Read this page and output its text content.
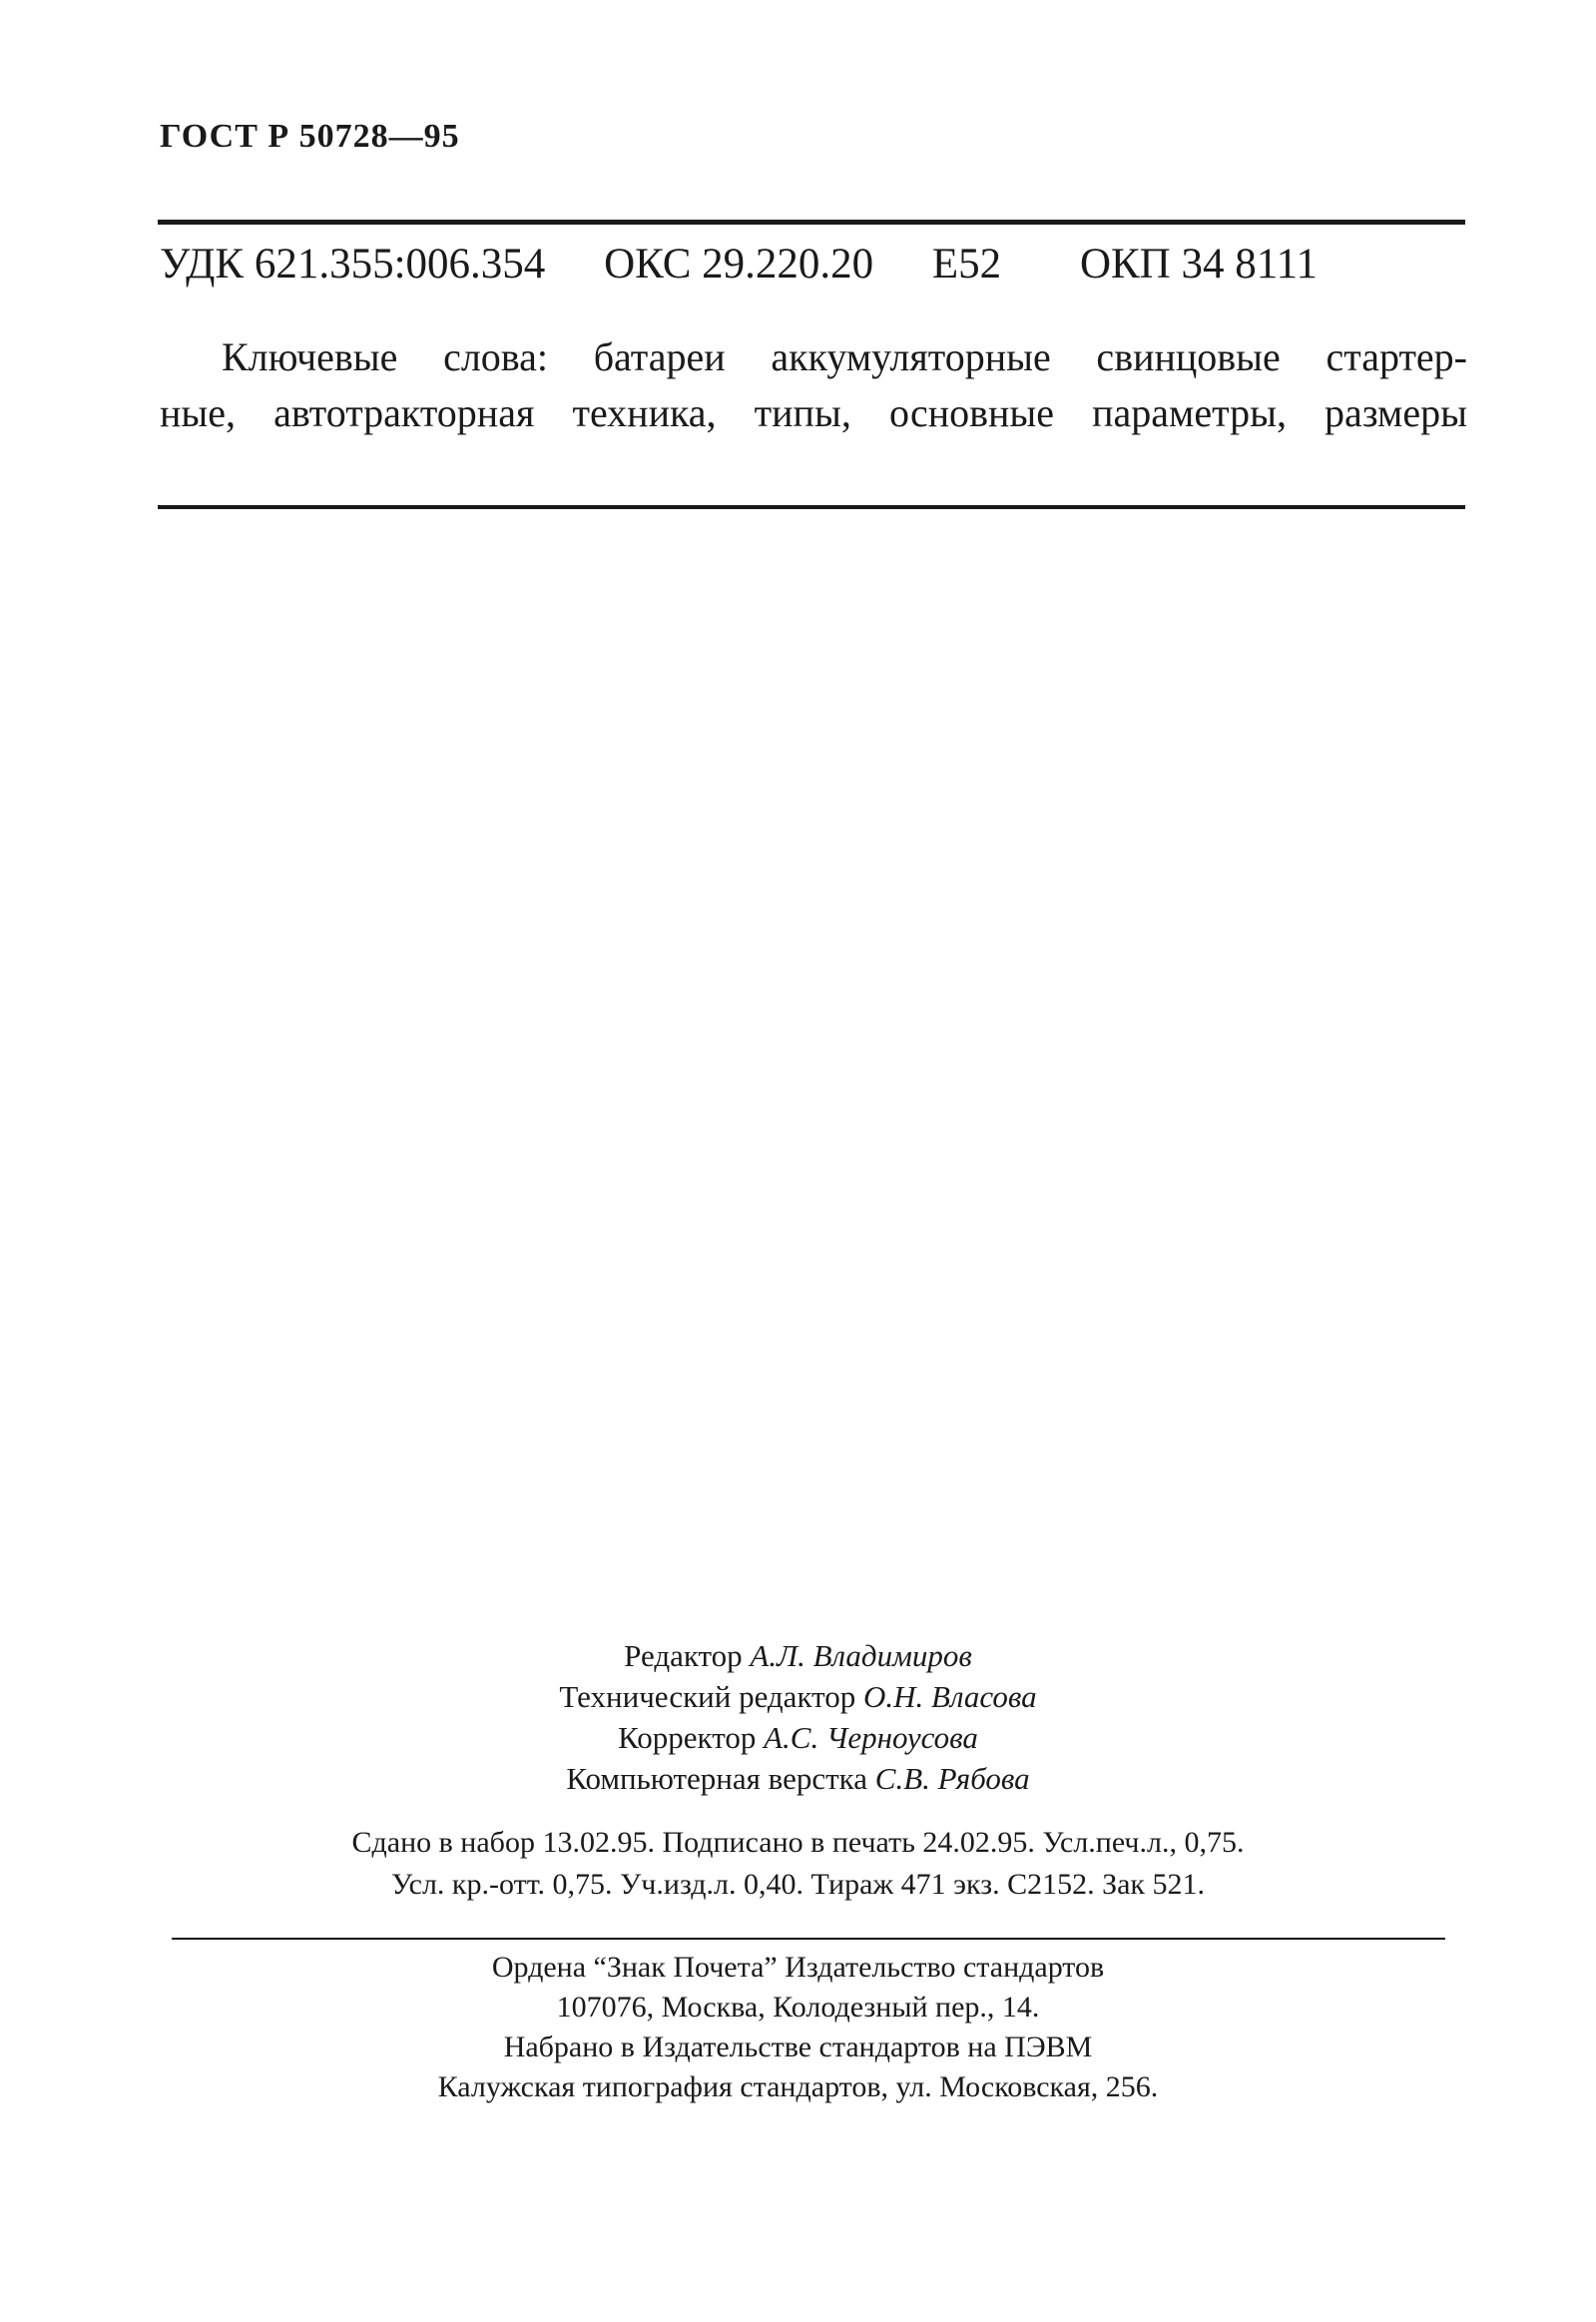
ГОСТ Р 50728—95
УДК 621.355:006.354 ОКС 29.220.20 Е52 ОКП 34 8111
Ключевые слова: батареи аккумуляторные свинцовые стартер-
ные, автотракторная техника, типы, основные параметры, размеры
Редактор А.Л. Владимиров
Технический редактор О.Н. Власова
Корректор А.С. Черноусова
Компьютерная верстка С.В. Рябова
Сдано в набор 13.02.95. Подписано в печать 24.02.95. Усл.печ.л., 0,75.
Усл. кр.-отт. 0,75. Уч.изд.л. 0,40. Тираж 471 экз. С2152. Зак 521.
Ордена “Знак Почета” Издательство стандартов
107076, Москва, Колодезный пер., 14.
Набрано в Издательстве стандартов на ПЭВМ
Калужская типография стандартов, ул. Московская, 256.
